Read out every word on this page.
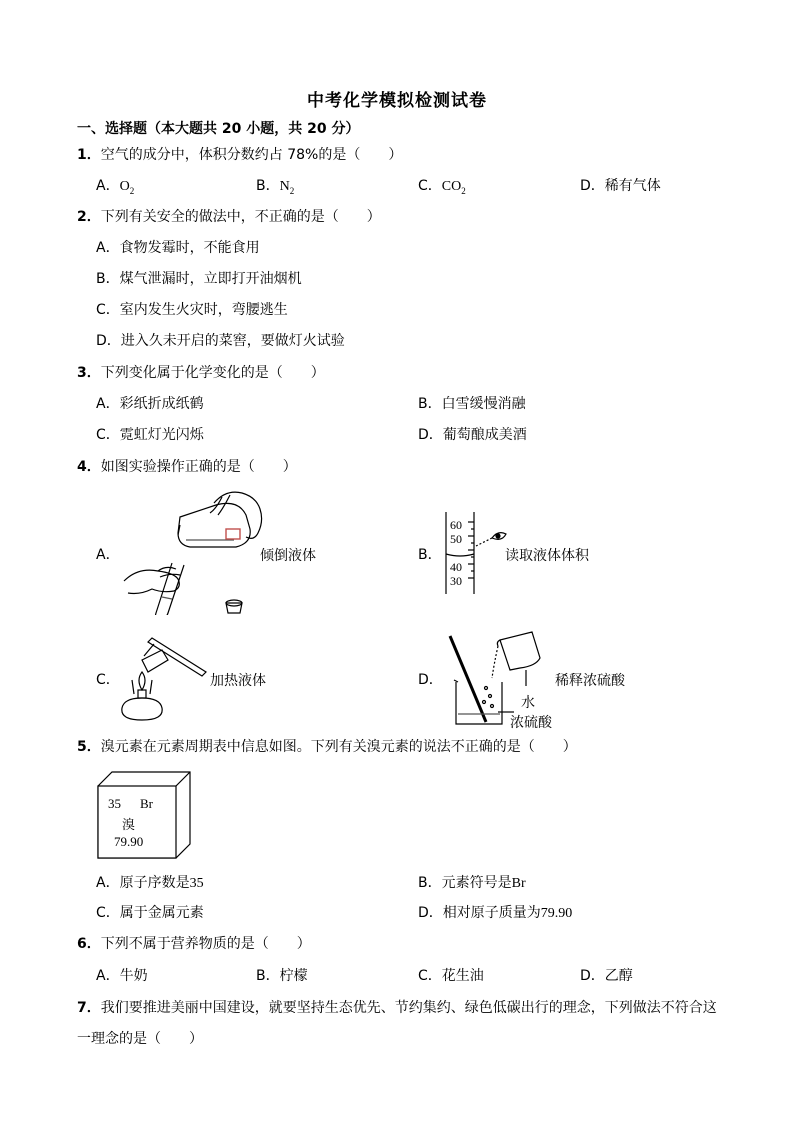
中考化学模拟检测试卷
一、选择题（本大题共 20 小题，共 20 分）
1．空气的成分中，体积分数约占 78%的是（　　）
A．$O_2$	B．$N_2$	C．$CO_2$	D．稀有气体
2．下列有关安全的做法中，不正确的是（　　）
A．食物发霉时，不能食用
B．煤气泄漏时，立即打开油烟机
C．室内发生火灾时，弯腰逃生
D．进入久未开启的菜窖，要做灯火试验
3．下列变化属于化学变化的是（　　）
A．彩纸折成纸鹤	B．白雪缓慢消融
C．霓虹灯光闪烁	D．葡萄酿成美酒
4．如图实验操作正确的是（　　）
A．	倾倒液体	B．
60
50
40
30
读取液体体积
C．	加热液体	D．	稀释浓硫酸
水
浓硫酸
5．溴元素在元素周期表中信息如图。下列有关溴元素的说法不正确的是（　　）
35 Br
溴
79.90
A．原子序数是35	B．元素符号是Br
C．属于金属元素	D．相对原子质量为79.90
6．下列不属于营养物质的是（　　）
A．牛奶	B．柠檬	C．花生油	D．乙醇
7．我们要推进美丽中国建设，就要坚持生态优先、节约集约、绿色低碳出行的理念，下列做法不符合这
一理念的是（　　）
